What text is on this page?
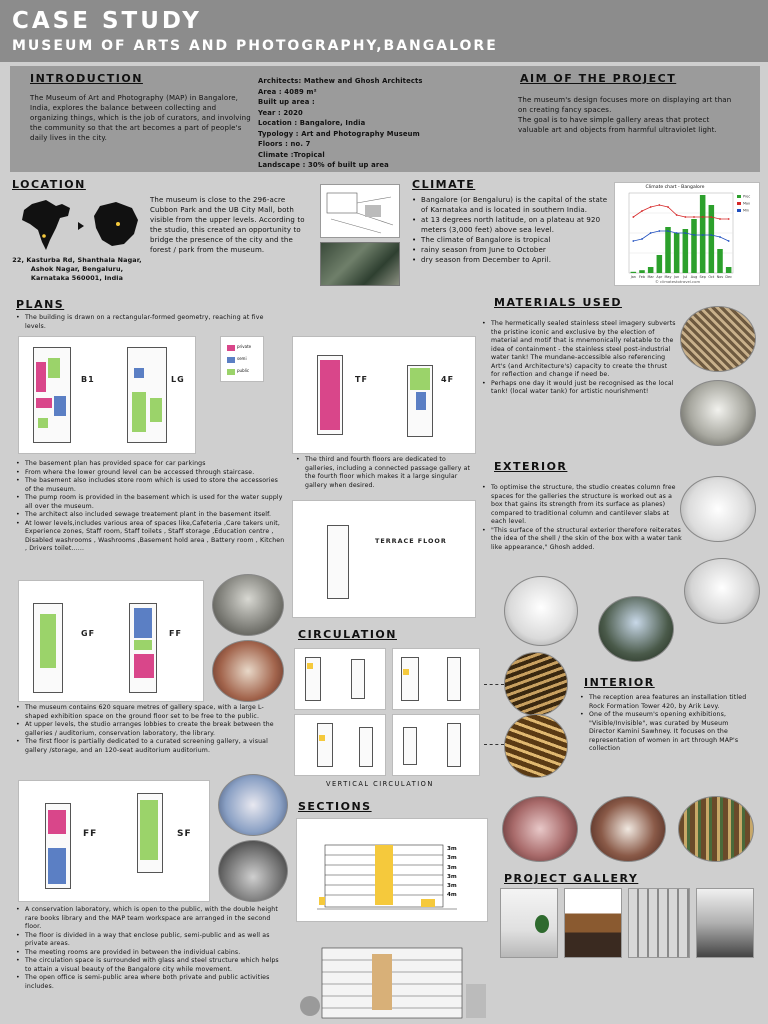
CASE STUDY
MUSEUM OF ARTS AND PHOTOGRAPHY,BANGALORE
INTRODUCTION
The Museum of Art and Photography (MAP) in Bangalore, India, explores the balance between collecting and organizing things, which is the job of curators, and involving the community so that the art becomes a part of people's daily lives in the city.
Architects: Mathew and Ghosh Architects
Area : 4089 m²
Built up area :
Year : 2020
Location : Bangalore, India
Typology : Art and Photography Museum
Floors : no. 7
Climate :Tropical
Landscape : 30% of built up area
AIM OF THE PROJECT
The museum's design focuses more on displaying art than on creating fancy spaces.
The goal is to have simple gallery areas that protect valuable art and objects from harmful ultraviolet light.
LOCATION
22, Kasturba Rd, Shanthala Nagar, Ashok Nagar, Bengaluru, Karnataka 560001, India
The museum is close to the 296-acre Cubbon Park and the UB City Mall, both visible from the upper levels. According to the studio, this created an opportunity to bridge the presence of the city and the forest / park from the museum.
CLIMATE
• Bangalore (or Bengaluru) is the capital of the state of Karnataka and is located in southern India.
• at 13 degrees north latitude, on a plateau at 920 meters (3,000 feet) above sea level.
• The climate of Bangalore is tropical
• rainy season from June to October
• dry season from December to April.
Climate chart - Bangalore
Jan Feb Mar Apr May Jun Jul Aug Sep Oct Nov Dec
Prec
Max
Min
© climatestotravel.com
PLANS
• The building is drawn on a rectangular-formed geometry, reaching at five levels.
B1	LG
private
semi
public
TF	4F
• The basement plan has provided space for car parkings
• From where the lower ground level can be accessed through staircase.
• The basement also includes store room which is used to store the accessories of the museum.
• The pump room is provided in the basement which is used for the water supply all over the museum.
• The architect also included sewage treatement plant in the basement itself.
• At lower levels,includes various area of spaces like,Cafeteria ,Care takers unit, Experience zones, Staff room, Staff toilets , Staff storage ,Education centre , Disabled washrooms , Washrooms ,Basement hold area , Battery room , Kitchen , Drivers toilet......
• The third and fourth floors are dedicated to galleries, including a connected passage gallery at the fourth floor which makes it a large singular gallery when desired.
TERRACE FLOOR
GF	FF
• The museum contains 620 square metres of gallery space, with a large L-shaped exhibition space on the ground floor set to be free to the public.
• At upper levels, the studio arranges lobbies to create the break between the galleries / auditorium, conservation laboratory, the library.
• The first floor is partially dedicated to a curated screening gallery, a visual gallery /storage, and an 120-seat auditorium auditorium.
FF	SF
• A conservation laboratory, which is open to the public, with the double height rare books library and the MAP team workspace are arranged in the second floor.
• The floor is divided in a way that enclose public, semi-public and as well as private areas.
• The meeting rooms are provided in between the individual cabins.
• The circulation space is surrounded with glass and steel structure which helps to attain a visual beauty of the Bangalore city while movement.
• The open office is semi-public area where both private and public activities includes.
MATERIALS USED
• The hermetically sealed stainless steel imagery subverts the pristine iconic and exclusive by the election of material and motif that is mnemonically relatable to the idea of containment - the stainless steel post-industrial water tank! The mundane-accessible also referencing Art's (and Architecture's) capacity to create the thrust for reflection and change if need be.
• Perhaps one day it would just be recognised as the local tank! (local water tank) for artistic nourishment!
EXTERIOR
• To optimise the structure, the studio creates column free spaces for the galleries the structure is worked out as a box that gains its strength from its surface as planes) compared to traditional column and cantilever slabs at each level.
• "This surface of the structural exterior therefore reiterates the idea of the shell / the skin of the box with a water tank like appearance," Ghosh added.
CIRCULATION
VERTICAL CIRCULATION
INTERIOR
• The reception area features an installation titled Rock Formation Tower 420, by Arik Levy.
• One of the museum's opening exhibitions, "Visible/Invisible", was curated by Museum Director Kamini Sawhney. It focuses on the representation of women in art through MAP's collection
SECTIONS
3m
3m
3m
3m
3m
4m
PROJECT GALLERY
